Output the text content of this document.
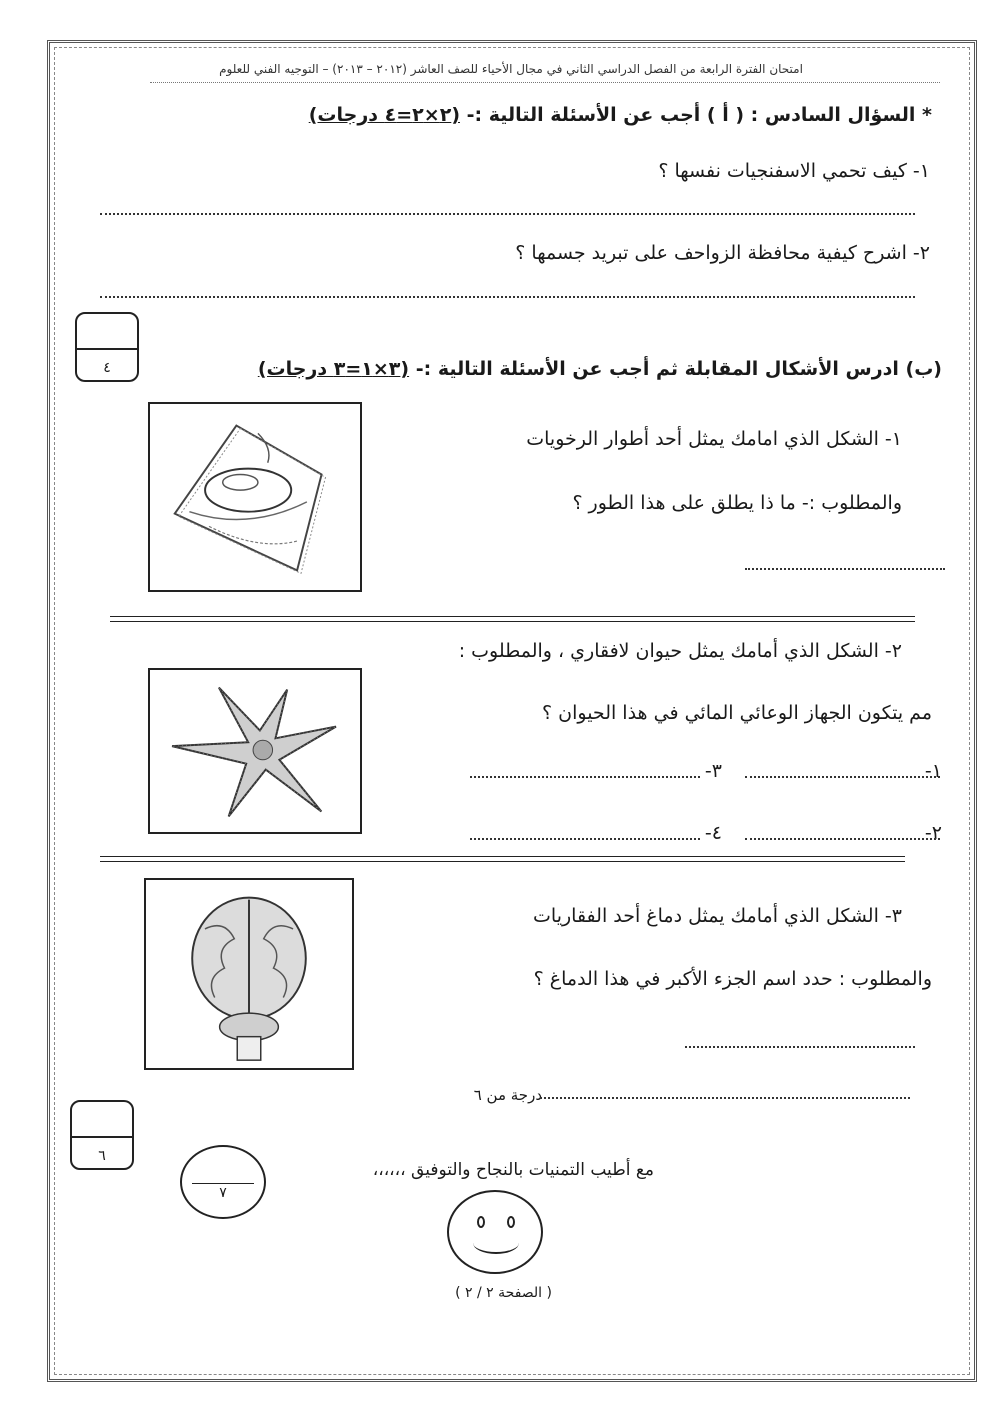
امتحان الفترة الرابعة من الفصل الدراسي الثاني في مجال الأحياء للصف العاشر (٢٠١٢ – ٢٠١٣) – التوجيه الفني للعلوم
* السؤال السادس : ( أ ) أجب عن الأسئلة التالية :- (٢×٢=٤ درجات)
١- كيف تحمي الاسفنجيات نفسها ؟
٢- اشرح كيفية محافظة الزواحف على تبريد جسمها ؟
٤	(ب) ادرس الأشكال المقابلة ثم أجب عن الأسئلة التالية :- (٣×١=٣ درجات)
١- الشكل الذي امامك يمثل أحد أطوار الرخويات
والمطلوب :- ما ذا يطلق على هذا الطور ؟
٢- الشكل الذي أمامك يمثل حيوان لافقاري ، والمطلوب :
مم يتكون الجهاز الوعائي المائي في هذا الحيوان ؟
١-
٣-
٢-
٤-
٣- الشكل الذي أمامك يمثل دماغ أحد الفقاريات
والمطلوب : حدد اسم الجزء الأكبر في هذا الدماغ ؟
درجة من ٦
٦
٧
مع أطيب التمنيات بالنجاح والتوفيق ،،،،،،
( الصفحة ٢ / ٢ )
